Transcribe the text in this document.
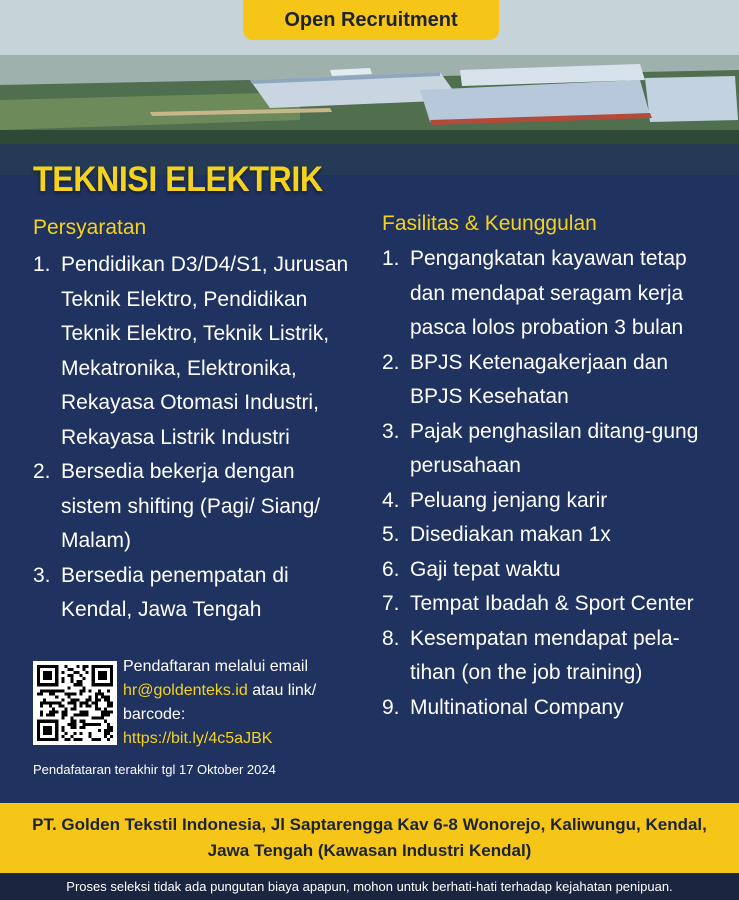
Open Recruitment
TEKNISI ELEKTRIK
Persyaratan
1. Pendidikan D3/D4/S1, Jurusan Teknik Elektro, Pendidikan Teknik Elektro, Teknik Listrik, Mekatronika, Elektronika, Rekayasa Otomasi Industri, Rekayasa Listrik Industri
2. Bersedia bekerja dengan sistem shifting (Pagi/ Siang/ Malam)
3. Bersedia penempatan di Kendal, Jawa Tengah
Fasilitas & Keunggulan
1. Pengangkatan kayawan tetap dan mendapat seragam kerja pasca lolos probation 3 bulan
2. BPJS Ketenagakerjaan dan BPJS Kesehatan
3. Pajak penghasilan ditang-gung perusahaan
4. Peluang jenjang karir
5. Disediakan makan 1x
6. Gaji tepat waktu
7. Tempat Ibadah & Sport Center
8. Kesempatan mendapat pela-tihan (on the job training)
9. Multinational Company
Pendaftaran melalui email
hr@goldenteks.id atau link/
barcode:
https://bit.ly/4c5aJBK
Pendafataran terakhir tgl 17 Oktober 2024
PT. Golden Tekstil Indonesia, Jl Saptarengga Kav 6-8 Wonorejo, Kaliwungu, Kendal,
Jawa Tengah (Kawasan Industri Kendal)
Proses seleksi tidak ada pungutan biaya apapun, mohon untuk berhati-hati terhadap kejahatan penipuan.
